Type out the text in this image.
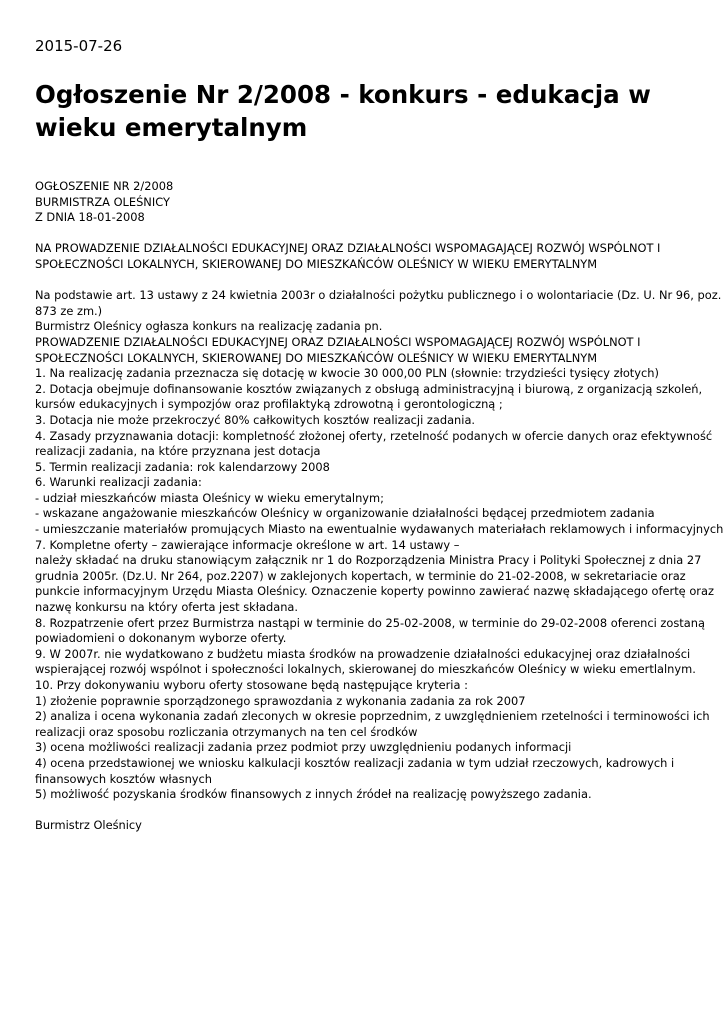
2015-07-26
Ogłoszenie Nr 2/2008 - konkurs - edukacja w
wieku emerytalnym
OGŁOSZENIE NR 2/2008
BURMISTRZA OLEŚNICY
Z DNIA 18-01-2008
NA PROWADZENIE DZIAŁALNOŚCI EDUKACYJNEJ ORAZ DZIAŁALNOŚCI WSPOMAGAJĄCEJ ROZWÓJ WSPÓLNOT I
SPOŁECZNOŚCI LOKALNYCH, SKIEROWANEJ DO MIESZKAŃCÓW OLEŚNICY W WIEKU EMERYTALNYM
Na podstawie art. 13 ustawy z 24 kwietnia 2003r o działalności pożytku publicznego i o wolontariacie (Dz. U. Nr 96, poz.
873 ze zm.)
Burmistrz Oleśnicy ogłasza konkurs na realizację zadania pn.
PROWADZENIE DZIAŁALNOŚCI EDUKACYJNEJ ORAZ DZIAŁALNOŚCI WSPOMAGAJĄCEJ ROZWÓJ WSPÓLNOT I
SPOŁECZNOŚCI LOKALNYCH, SKIEROWANEJ DO MIESZKAŃCÓW OLEŚNICY W WIEKU EMERYTALNYM
1. Na realizację zadania przeznacza się dotację w kwocie 30 000,00 PLN (słownie: trzydzieści tysięcy złotych)
2. Dotacja obejmuje dofinansowanie kosztów związanych z obsługą administracyjną i biurową, z organizacją szkoleń,
kursów edukacyjnych i sympozjów oraz profilaktyką zdrowotną i gerontologiczną ;
3. Dotacja nie może przekroczyć 80% całkowitych kosztów realizacji zadania.
4. Zasady przyznawania dotacji: kompletność złożonej oferty, rzetelność podanych w ofercie danych oraz efektywność
realizacji zadania, na które przyznana jest dotacja
5. Termin realizacji zadania: rok kalendarzowy 2008
6. Warunki realizacji zadania:
- udział mieszkańców miasta Oleśnicy w wieku emerytalnym;
- wskazane angażowanie mieszkańców Oleśnicy w organizowanie działalności będącej przedmiotem zadania
- umieszczanie materiałów promujących Miasto na ewentualnie wydawanych materiałach reklamowych i informacyjnych
7. Kompletne oferty – zawierające informacje określone w art. 14 ustawy –
należy składać na druku stanowiącym załącznik nr 1 do Rozporządzenia Ministra Pracy i Polityki Społecznej z dnia 27
grudnia 2005r. (Dz.U. Nr 264, poz.2207) w zaklejonych kopertach, w terminie do 21-02-2008, w sekretariacie oraz
punkcie informacyjnym Urzędu Miasta Oleśnicy. Oznaczenie koperty powinno zawierać nazwę składającego ofertę oraz
nazwę konkursu na który oferta jest składana.
8. Rozpatrzenie ofert przez Burmistrza nastąpi w terminie do 25-02-2008, w terminie do 29-02-2008 oferenci zostaną
powiadomieni o dokonanym wyborze oferty.
9. W 2007r. nie wydatkowano z budżetu miasta środków na prowadzenie działalności edukacyjnej oraz działalności
wspierającej rozwój wspólnot i społeczności lokalnych, skierowanej do mieszkańców Oleśnicy w wieku emertlalnym.
10. Przy dokonywaniu wyboru oferty stosowane będą następujące kryteria :
1) złożenie poprawnie sporządzonego sprawozdania z wykonania zadania za rok 2007
2) analiza i ocena wykonania zadań zleconych w okresie poprzednim, z uwzględnieniem rzetelności i terminowości ich
realizacji oraz sposobu rozliczania otrzymanych na ten cel środków
3) ocena możliwości realizacji zadania przez podmiot przy uwzględnieniu podanych informacji
4) ocena przedstawionej we wniosku kalkulacji kosztów realizacji zadania w tym udział rzeczowych, kadrowych i
finansowych kosztów własnych
5) możliwość pozyskania środków finansowych z innych źródeł na realizację powyższego zadania.
Burmistrz Oleśnicy
